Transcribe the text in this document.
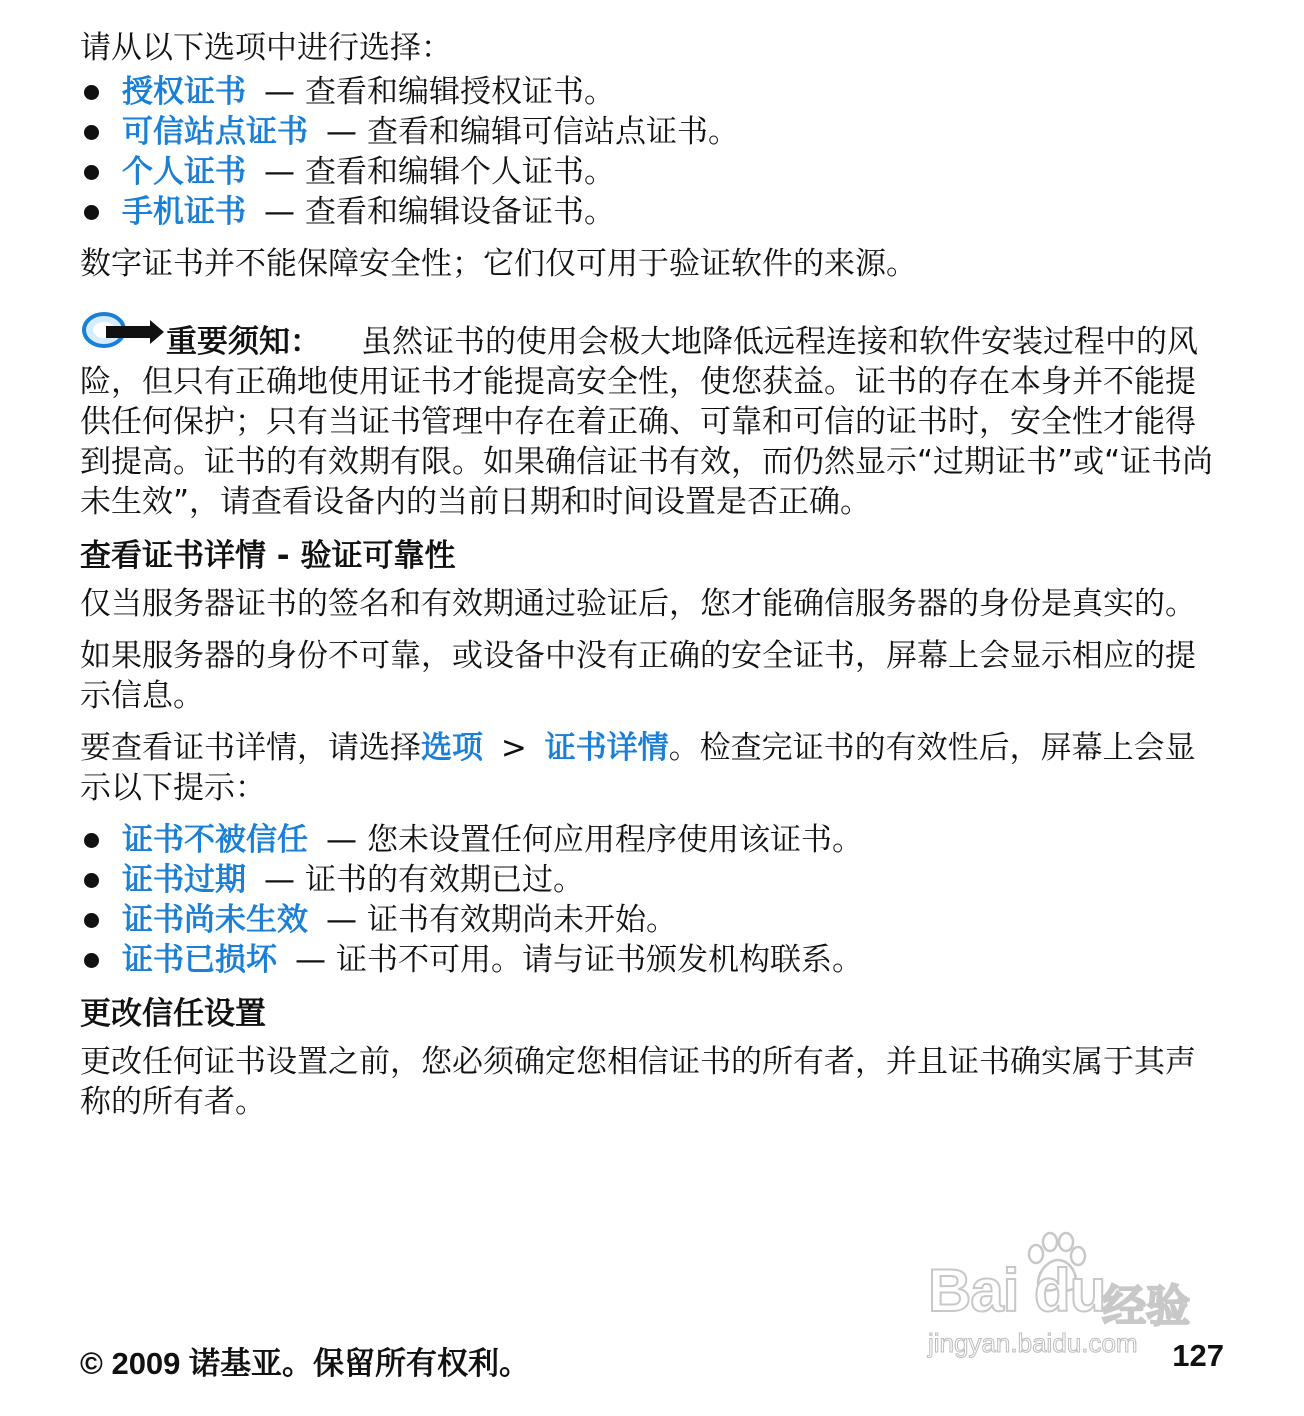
请从以下选项中进行选择：

授权证书 — 查看和编辑授权证书。
可信站点证书 — 查看和编辑可信站点证书。
个人证书 — 查看和编辑个人证书。
手机证书 — 查看和编辑设备证书。

数字证书并不能保障安全性；它们仅可用于验证软件的来源。

重要须知： 虽然证书的使用会极大地降低远程连接和软件安装过程中的风险，但只有正确地使用证书才能提高安全性，使您获益。证书的存在本身并不能提供任何保护；只有当证书管理中存在着正确、可靠和可信的证书时，安全性才能得到提高。证书的有效期有限。如果确信证书有效，而仍然显示“过期证书”或“证书尚未生效”，请查看设备内的当前日期和时间设置是否正确。

查看证书详情 - 验证可靠性

仅当服务器证书的签名和有效期通过验证后，您才能确信服务器的身份是真实的。

如果服务器的身份不可靠，或设备中没有正确的安全证书，屏幕上会显示相应的提示信息。

要查看证书详情，请选择选项 > 证书详情。检查完证书的有效性后，屏幕上会显示以下提示：

证书不被信任 — 您未设置任何应用程序使用该证书。
证书过期 — 证书的有效期已过。
证书尚未生效 — 证书有效期尚未开始。
证书已损坏 — 证书不可用。请与证书颁发机构联系。

更改信任设置

更改任何证书设置之前，您必须确定您相信证书的所有者，并且证书确实属于其声称的所有者。

Bai du
经验
jingyan.baidu.com
© 2009 诺基亚。保留所有权利。	127
